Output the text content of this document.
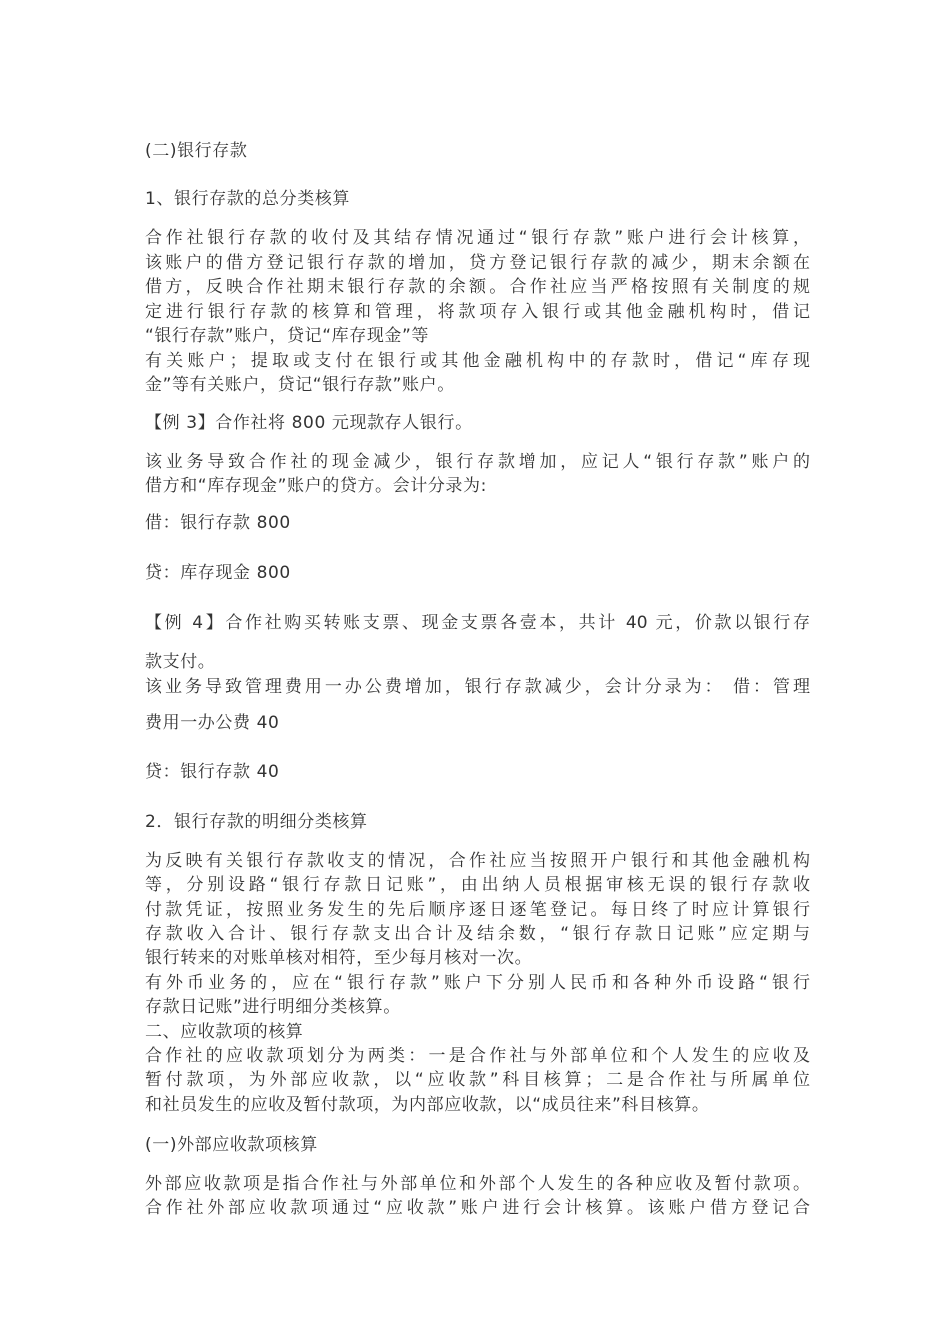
(二)银行存款
1、银行存款的总分类核算
合作社银行存款的收付及其结存情况通过“银行存款”账户进行会计核算，
该账户的借方登记银行存款的增加，贷方登记银行存款的减少，期末余额在
借方，反映合作社期末银行存款的余额。合作社应当严格按照有关制度的规
定进行银行存款的核算和管理，将款项存入银行或其他金融机构时，借记
“银行存款”账户，贷记“库存现金”等
有关账户；提取或支付在银行或其他金融机构中的存款时，借记“库存现
金”等有关账户，贷记“银行存款”账户。
【例 3】合作社将 800 元现款存人银行。
该业务导致合作社的现金减少，银行存款增加，应记人“银行存款”账户的
借方和“库存现金”账户的贷方。会计分录为:
借：银行存款 800
贷：库存现金 800
【例 4】合作社购买转账支票、现金支票各壹本，共计 40 元，价款以银行存
款支付。
该业务导致管理费用一办公费增加，银行存款减少，会计分录为： 借：管理
费用一办公费 40
贷：银行存款 40
2．银行存款的明细分类核算
为反映有关银行存款收支的情况，合作社应当按照开户银行和其他金融机构
等，分别设路“银行存款日记账”，由出纳人员根据审核无误的银行存款收
付款凭证，按照业务发生的先后顺序逐日逐笔登记。每日终了时应计算银行
存款收入合计、银行存款支出合计及结余数，“银行存款日记账”应定期与
银行转来的对账单核对相符，至少每月核对一次。
有外币业务的，应在“银行存款”账户下分别人民币和各种外币设路“银行
存款日记账”进行明细分类核算。
二、应收款项的核算
合作社的应收款项划分为两类：一是合作社与外部单位和个人发生的应收及
暂付款项，为外部应收款，以“应收款”科目核算；二是合作社与所属单位
和社员发生的应收及暂付款项，为内部应收款，以“成员往来”科目核算。
(一)外部应收款项核算
外部应收款项是指合作社与外部单位和外部个人发生的各种应收及暂付款项。
合作社外部应收款项通过“应收款”账户进行会计核算。该账户借方登记合
